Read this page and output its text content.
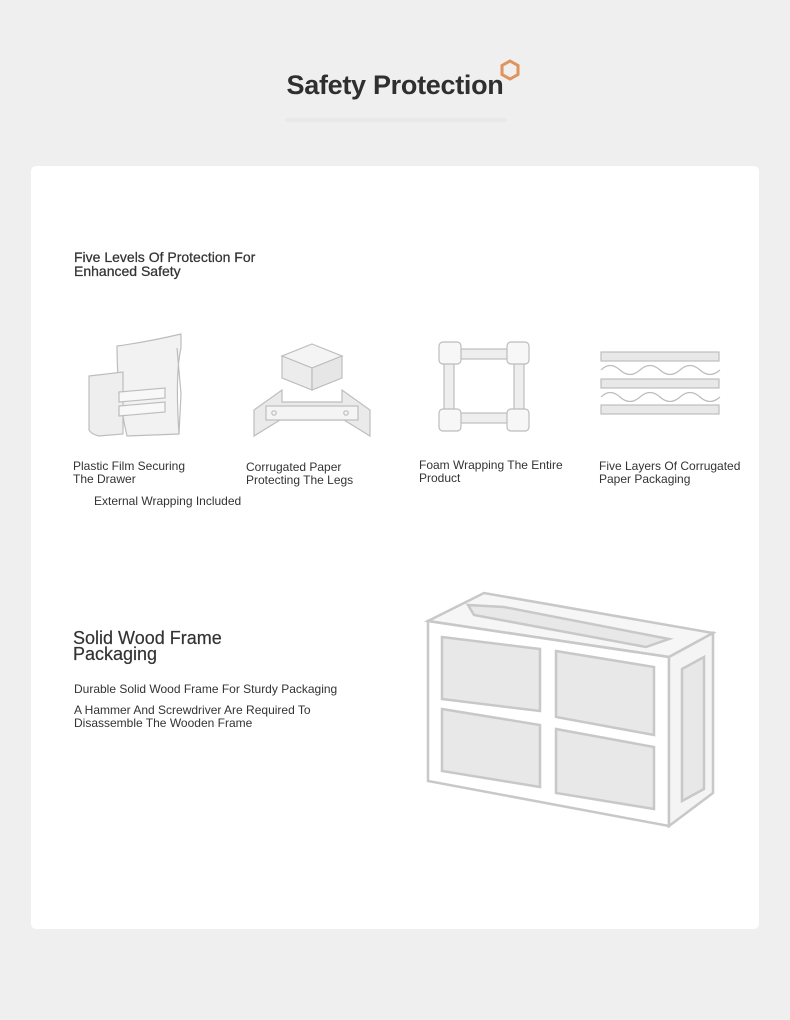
Safety Protection
Five Levels Of Protection For
Enhanced Safety
Plastic Film Securing
The Drawer
Corrugated Paper
Protecting The Legs
Foam Wrapping The Entire
Product
Five Layers Of Corrugated
Paper Packaging
External Wrapping Included
Solid Wood Frame
Packaging
Durable Solid Wood Frame For Sturdy Packaging
A Hammer And Screwdriver Are Required To
Disassemble The Wooden Frame
